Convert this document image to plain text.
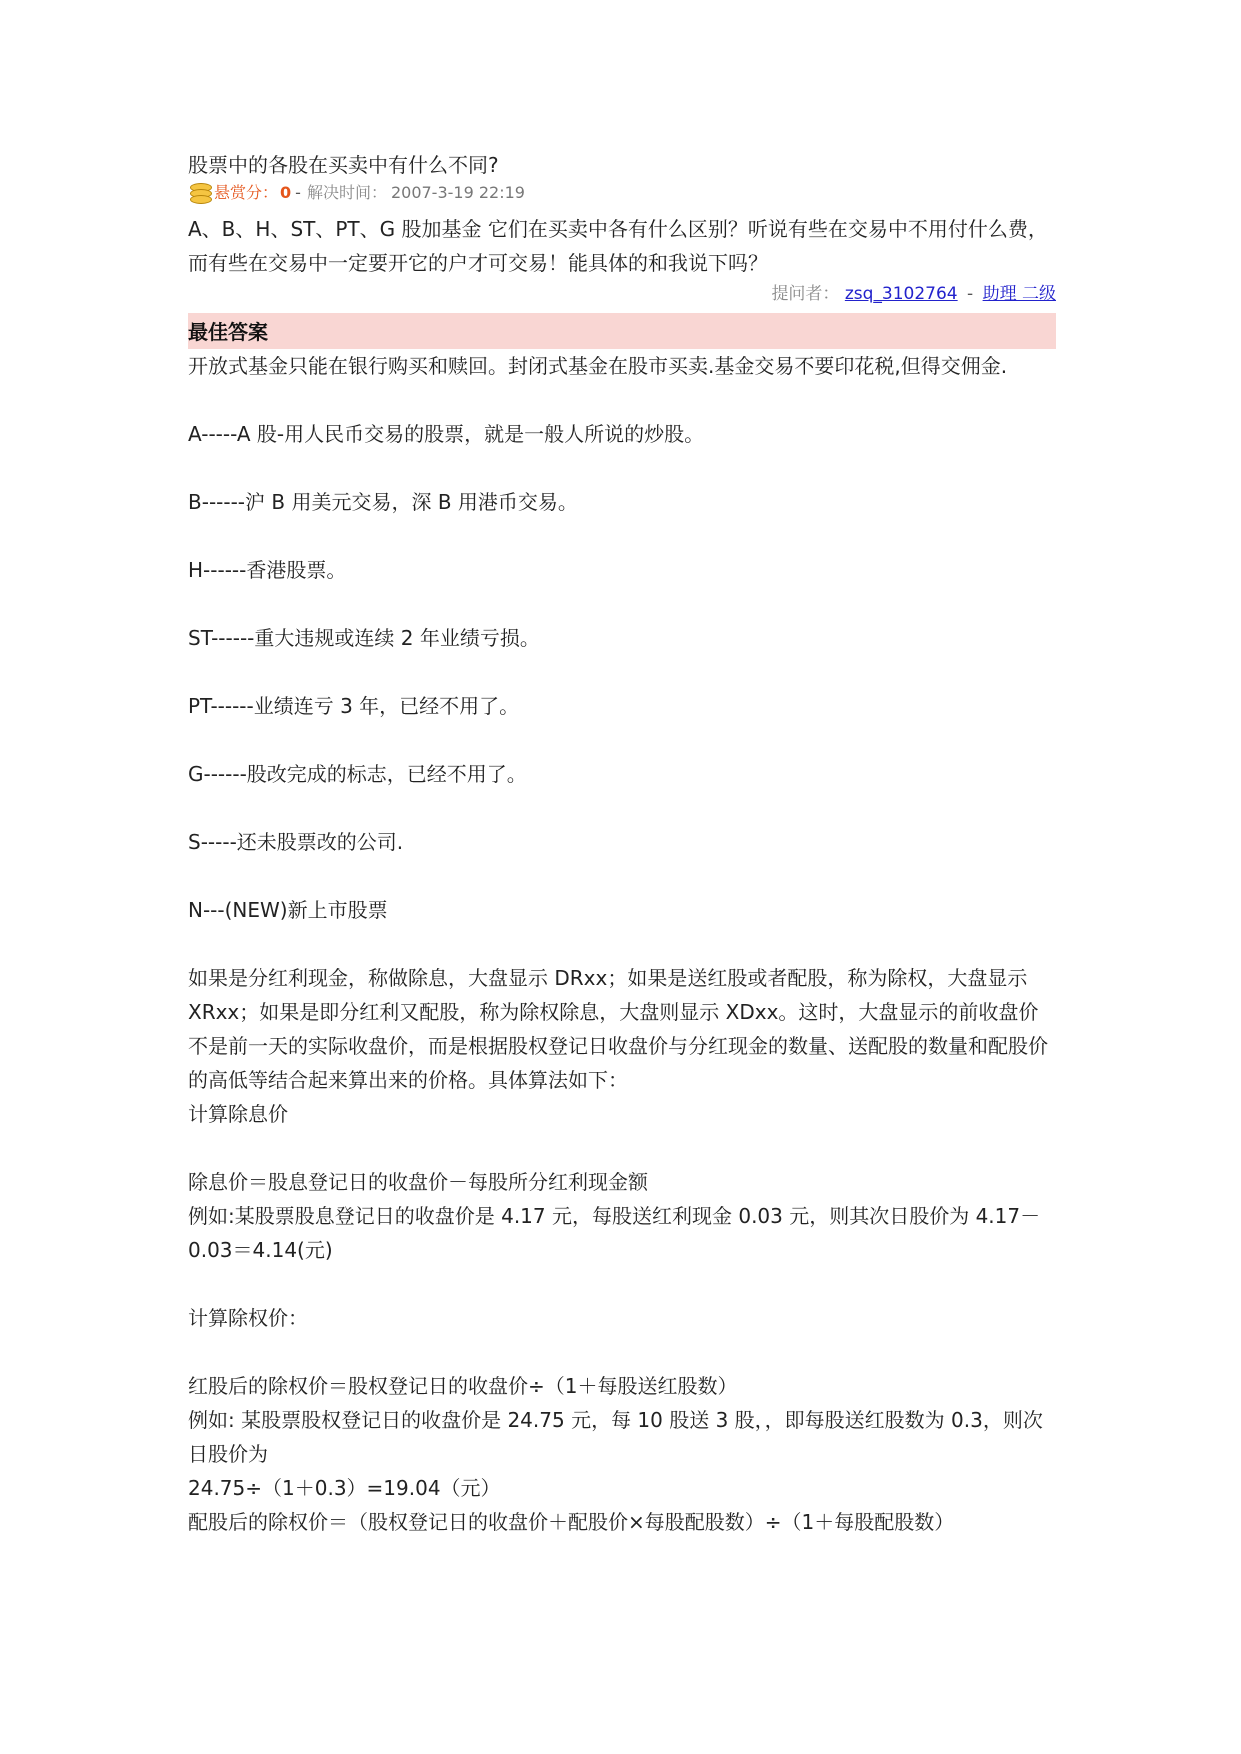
股票中的各股在买卖中有什么不同?
悬赏分： 0 - 解决时间： 2007-3-19 22:19
A、B、H、ST、PT、G 股加基金 它们在买卖中各有什么区别？听说有些在交易中不用付什么费，而有些在交易中一定要开它的户才可交易！能具体的和我说下吗？
提问者： zsq_3102764 - 助理 二级
最佳答案

开放式基金只能在银行购买和赎回。封闭式基金在股市买卖.基金交易不要印花税,但得交佣金.

A-----A 股-用人民币交易的股票，就是一般人所说的炒股。

B------沪 B 用美元交易，深 B 用港币交易。

H------香港股票。

ST------重大违规或连续 2 年业绩亏损。

PT------业绩连亏 3 年，已经不用了。

G------股改完成的标志，已经不用了。

S-----还未股票改的公司.

N---(NEW)新上市股票

如果是分红利现金，称做除息，大盘显示 DRxx；如果是送红股或者配股，称为除权，大盘显示 XRxx；如果是即分红利又配股，称为除权除息，大盘则显示 XDxx。这时，大盘显示的前收盘价不是前一天的实际收盘价，而是根据股权登记日收盘价与分红现金的数量、送配股的数量和配股价的高低等结合起来算出来的价格。具体算法如下：

计算除息价

除息价＝股息登记日的收盘价－每股所分红利现金额

例如:某股票股息登记日的收盘价是 4.17 元，每股送红利现金 0.03 元，则其次日股价为 4.17－0.03＝4.14(元)

计算除权价：

红股后的除权价＝股权登记日的收盘价÷（1＋每股送红股数）

例如: 某股票股权登记日的收盘价是 24.75 元，每 10 股送 3 股，，即每股送红股数为 0.3，则次日股价为

24.75÷（1＋0.3）=19.04（元）

配股后的除权价＝（股权登记日的收盘价＋配股价×每股配股数）÷（1＋每股配股数）
